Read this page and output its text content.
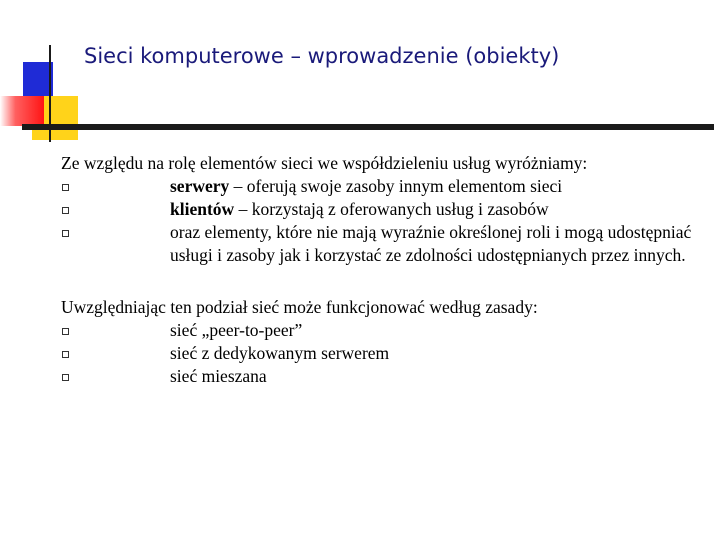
Sieci komputerowe – wprowadzenie (obiekty)

Ze względu na rolę elementów sieci we współdzieleniu usług wyróżniamy:

serwery – oferują swoje zasoby innym elementom sieci
klientów – korzystają z oferowanych usług i zasobów
oraz elementy, które nie mają wyraźnie określonej roli i mogą udostępniać usługi i zasoby jak i korzystać ze zdolności udostępnianych przez innych.

Uwzględniając ten podział sieć może funkcjonować według zasady:

sieć „peer-to-peer”
sieć z dedykowanym serwerem
sieć mieszana
